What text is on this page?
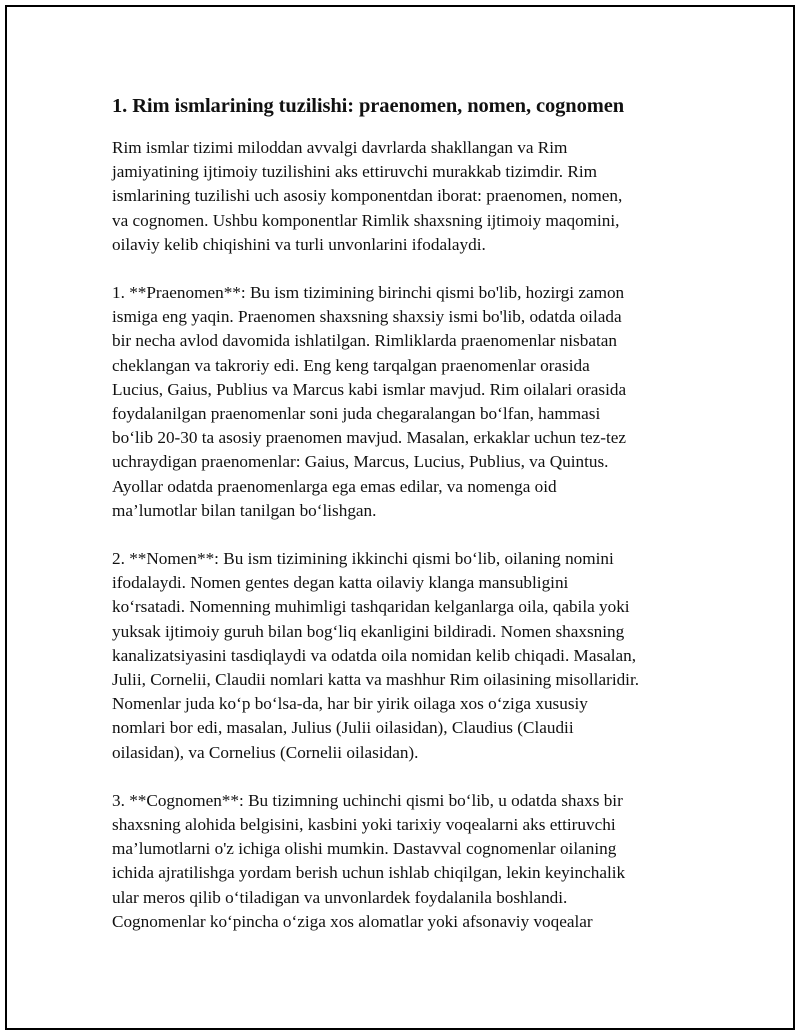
1. Rim ismlarining tuzilishi: praenomen, nomen, cognomen

Rim ismlar tizimi miloddan avvalgi davrlarda shakllangan va Rim
jamiyatining ijtimoiy tuzilishini aks ettiruvchi murakkab tizimdir. Rim
ismlarining tuzilishi uch asosiy komponentdan iborat: praenomen, nomen,
va cognomen. Ushbu komponentlar Rimlik shaxsning ijtimoiy maqomini,
oilaviy kelib chiqishini va turli unvonlarini ifodalaydi.

1. **Praenomen**: Bu ism tizimining birinchi qismi bo'lib, hozirgi zamon
ismiga eng yaqin. Praenomen shaxsning shaxsiy ismi bo'lib, odatda oilada
bir necha avlod davomida ishlatilgan. Rimliklarda praenomenlar nisbatan
cheklangan va takroriy edi. Eng keng tarqalgan praenomenlar orasida
Lucius, Gaius, Publius va Marcus kabi ismlar mavjud. Rim oilalari orasida
foydalanilgan praenomenlar soni juda chegaralangan bo‘lfan, hammasi
bo‘lib 20-30 ta asosiy praenomen mavjud. Masalan, erkaklar uchun tez-tez
uchraydigan praenomenlar: Gaius, Marcus, Lucius, Publius, va Quintus.
Ayollar odatda praenomenlarga ega emas edilar, va nomenga oid
ma’lumotlar bilan tanilgan bo‘lishgan.

2. **Nomen**: Bu ism tizimining ikkinchi qismi bo‘lib, oilaning nomini
ifodalaydi. Nomen gentes degan katta oilaviy klanga mansubligini
ko‘rsatadi. Nomenning muhimligi tashqaridan kelganlarga oila, qabila yoki
yuksak ijtimoiy guruh bilan bog‘liq ekanligini bildiradi. Nomen shaxsning
kanalizatsiyasini tasdiqlaydi va odatda oila nomidan kelib chiqadi. Masalan,
Julii, Cornelii, Claudii nomlari katta va mashhur Rim oilasining misollaridir.
Nomenlar juda ko‘p bo‘lsa-da, har bir yirik oilaga xos o‘ziga xususiy
nomlari bor edi, masalan, Julius (Julii oilasidan), Claudius (Claudii
oilasidan), va Cornelius (Cornelii oilasidan).

3. **Cognomen**: Bu tizimning uchinchi qismi bo‘lib, u odatda shaxs bir
shaxsning alohida belgisini, kasbini yoki tarixiy voqealarni aks ettiruvchi
ma’lumotlarni o'z ichiga olishi mumkin. Dastavval cognomenlar oilaning
ichida ajratilishga yordam berish uchun ishlab chiqilgan, lekin keyinchalik
ular meros qilib o‘tiladigan va unvonlardek foydalanila boshlandi.
Cognomenlar ko‘pincha o‘ziga xos alomatlar yoki afsonaviy voqealar
